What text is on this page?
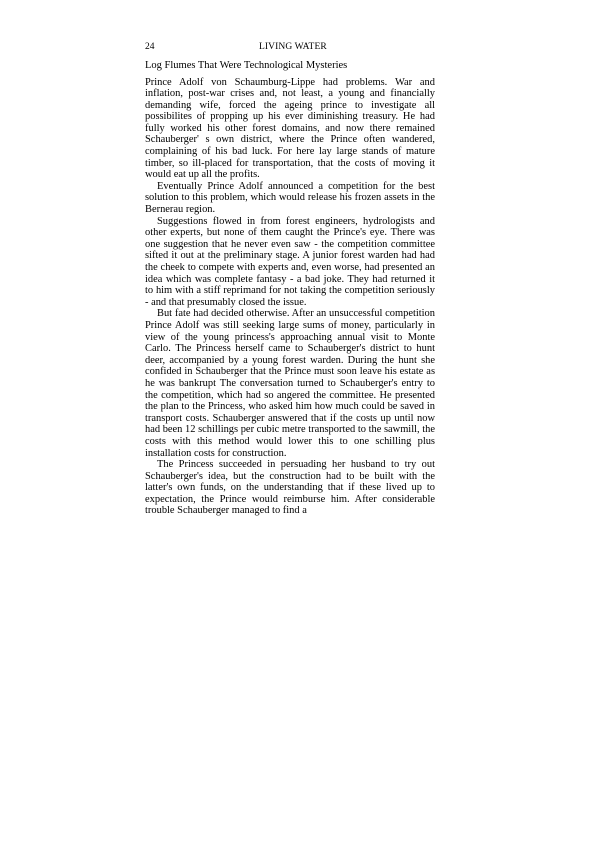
24	LIVING WATER
Log Flumes That Were Technological Mysteries

Prince Adolf von Schaumburg-Lippe had problems. War and inflation, post-war crises and, not least, a young and financially demanding wife, forced the ageing prince to investigate all possibilites of propping up his ever diminishing treasury. He had fully worked his other forest domains, and now there remained Schauberger' s own district, where the Prince often wandered, complaining of his bad luck. For here lay large stands of mature timber, so ill-placed for transportation, that the costs of moving it would eat up all the profits.

Eventually Prince Adolf announced a competition for the best solution to this problem, which would release his frozen assets in the Bernerau region.

Suggestions flowed in from forest engineers, hydrologists and other experts, but none of them caught the Prince's eye. There was one suggestion that he never even saw - the competition committee sifted it out at the preliminary stage. A junior forest warden had had the cheek to compete with experts and, even worse, had presented an idea which was complete fantasy - a bad joke. They had returned it to him with a stiff reprimand for not taking the competition seriously - and that presumably closed the issue.

But fate had decided otherwise. After an unsuccessful competition Prince Adolf was still seeking large sums of money, particularly in view of the young princess's approaching annual visit to Monte Carlo. The Princess herself came to Schauberger's district to hunt deer, accompanied by a young forest warden. During the hunt she confided in Schauberger that the Prince must soon leave his estate as he was bankrupt The conversation turned to Schauberger's entry to the competition, which had so angered the committee. He presented the plan to the Princess, who asked him how much could be saved in transport costs. Schauberger answered that if the costs up until now had been 12 schillings per cubic metre transported to the sawmill, the costs with this method would lower this to one schilling plus installation costs for construction.

The Princess succeeded in persuading her husband to try out Schauberger's idea, but the construction had to be built with the latter's own funds, on the understanding that if these lived up to expectation, the Prince would reimburse him. After considerable trouble Schauberger managed to find a
